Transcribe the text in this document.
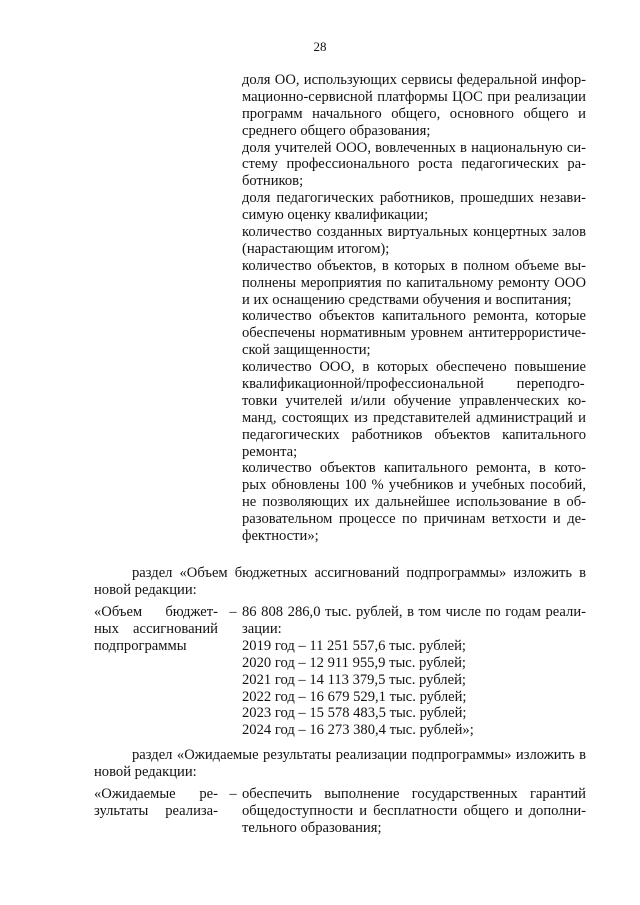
28
доля ОО, использующих сервисы федеральной инфор-
мационно-сервисной платформы ЦОС при реализации
программ начального общего, основного общего и
среднего общего образования;
доля учителей ООО, вовлеченных в национальную си-
стему профессионального роста педагогических ра-
ботников;
доля педагогических работников, прошедших незави-
симую оценку квалификации;
количество созданных виртуальных концертных залов
(нарастающим итогом);
количество объектов, в которых в полном объеме вы-
полнены мероприятия по капитальному ремонту ООО
и их оснащению средствами обучения и воспитания;
количество объектов капитального ремонта, которые
обеспечены нормативным уровнем антитеррористиче-
ской защищенности;
количество ООО, в которых обеспечено повышение
квалификационной/профессиональной         переподго-
товки учителей и/или обучение управленческих ко-
манд, состоящих из представителей администраций и
педагогических работников объектов капитального
ремонта;
количество объектов капитального ремонта, в кото-
рых обновлены 100 % учебников и учебных пособий,
не позволяющих их дальнейшее использование в об-
разовательном процессе по причинам ветхости и де-
фектности»;
раздел «Объем бюджетных ассигнований подпрограммы» изложить в
новой редакции:
«Объем бюджет-
ных ассигнований
подпрограммы
– 86 808 286,0 тыс. рублей, в том числе по годам реали-
зации:
2019 год – 11 251 557,6 тыс. рублей;
2020 год – 12 911 955,9 тыс. рублей;
2021 год – 14 113 379,5 тыс. рублей;
2022 год – 16 679 529,1 тыс. рублей;
2023 год – 15 578 483,5 тыс. рублей;
2024 год – 16 273 380,4 тыс. рублей»;
раздел «Ожидаемые результаты реализации подпрограммы» изложить в
новой редакции:
«Ожидаемые ре-
зультаты реализа-
– обеспечить выполнение государственных гарантий
общедоступности и бесплатности общего и дополни-
тельного образования;
